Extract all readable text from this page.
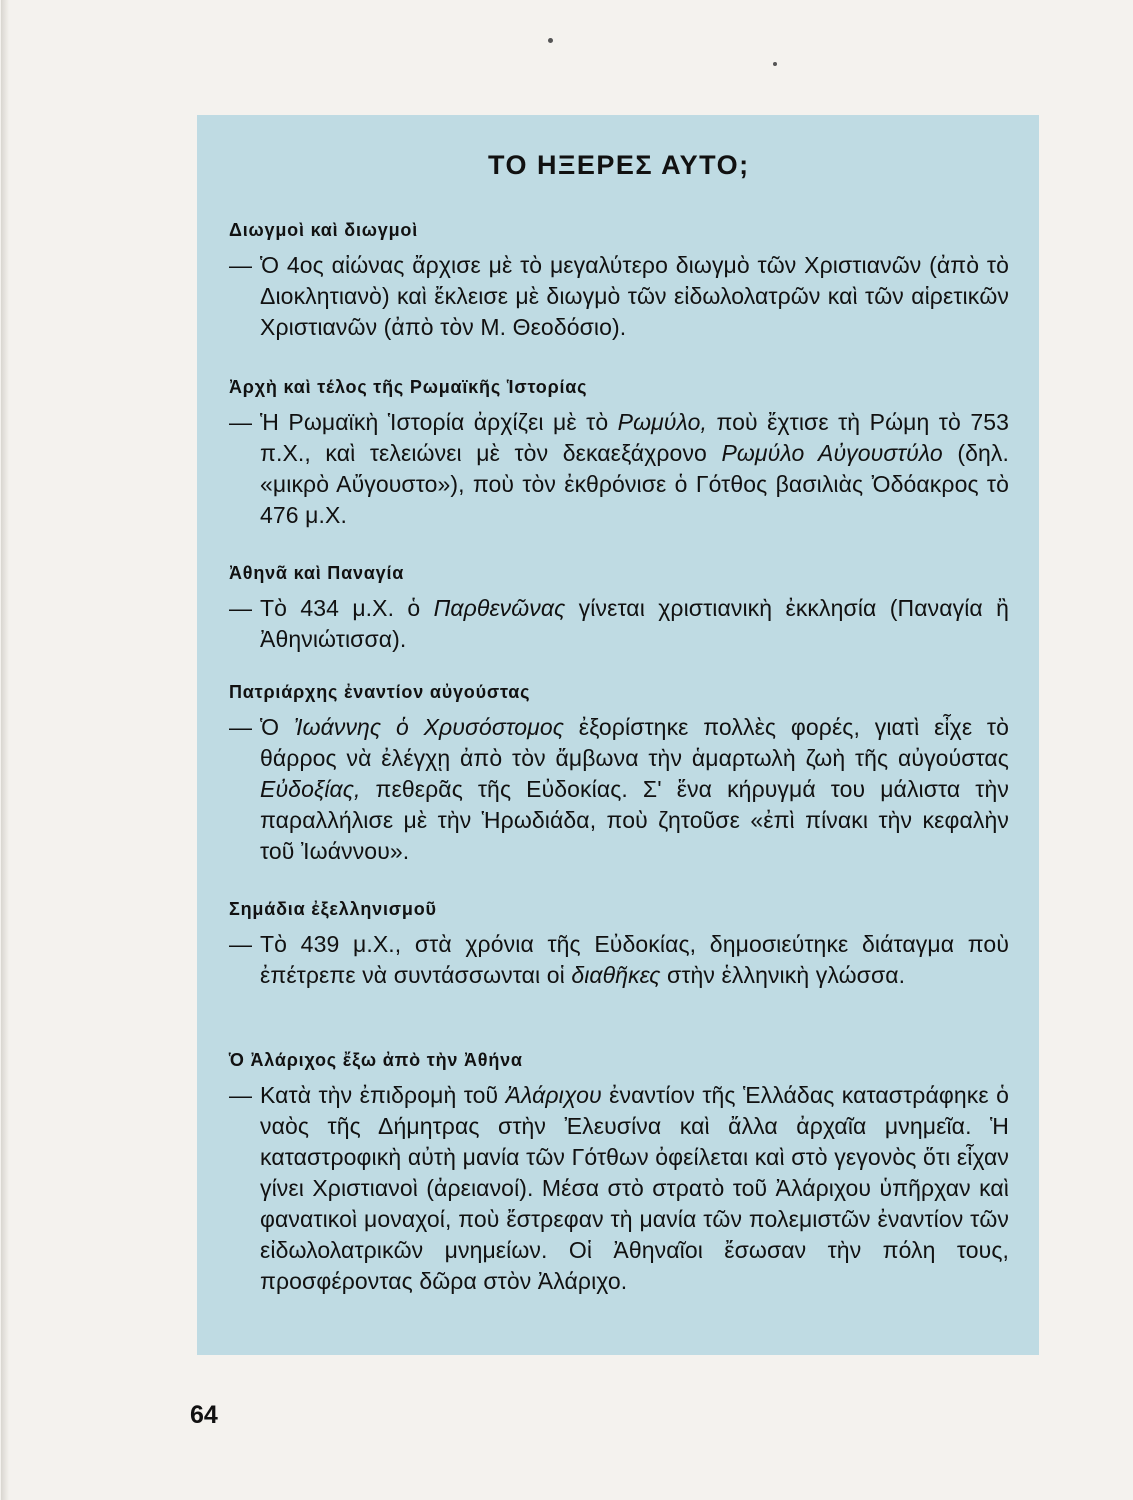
ΤΟ ΗΞΕΡΕΣ ΑΥΤΟ;
Διωγμοὶ καὶ διωγμοὶ
— Ὁ 4ος αἰώνας ἄρχισε μὲ τὸ μεγαλύτερο διωγμὸ τῶν Χριστιανῶν (ἀπὸ τὸ Διοκλητιανὸ) καὶ ἔκλεισε μὲ διωγμὸ τῶν εἰδωλολατρῶν καὶ τῶν αἱρετικῶν Χριστιανῶν (ἀπὸ τὸν Μ. Θεοδόσιο).

Ἀρχὴ καὶ τέλος τῆς Ρωμαϊκῆς Ἱστορίας
— Ἡ Ρωμαϊκὴ Ἱστορία ἀρχίζει μὲ τὸ Ρωμύλο, ποὺ ἔχτισε τὴ Ρώμη τὸ 753 π.Χ., καὶ τελειώνει μὲ τὸν δεκαεξάχρονο Ρωμύλο Αὐγουστύλο (δηλ. «μικρὸ Αὔγουστο»), ποὺ τὸν ἐκθρόνισε ὁ Γότθος βασιλιὰς Ὀδόακρος τὸ 476 μ.Χ.

Ἀθηνᾶ καὶ Παναγία
— Τὸ 434 μ.Χ. ὁ Παρθενῶνας γίνεται χριστιανικὴ ἐκκλησία (Παναγία ἢ Ἀθηνιώτισσα).

Πατριάρχης ἐναντίον αὐγούστας
— Ὁ Ἰωάννης ὁ Χρυσόστομος ἐξορίστηκε πολλὲς φορές, γιατὶ εἶχε τὸ θάρρος νὰ ἐλέγχῃ ἀπὸ τὸν ἄμβωνα τὴν ἁμαρτωλὴ ζωὴ τῆς αὐγούστας Εὐδοξίας, πεθερᾶς τῆς Εὐδοκίας. Σ' ἕνα κήρυγμά του μάλιστα τὴν παραλλήλισε μὲ τὴν Ἡρωδιάδα, ποὺ ζητοῦσε «ἐπὶ πίνακι τὴν κεφαλὴν τοῦ Ἰωάννου».

Σημάδια ἐξελληνισμοῦ
— Τὸ 439 μ.Χ., στὰ χρόνια τῆς Εὐδοκίας, δημοσιεύτηκε διάταγμα ποὺ ἐπέτρεπε νὰ συντάσσωνται οἱ διαθῆκες στὴν ἑλληνικὴ γλώσσα.

Ὁ Ἀλάριχος ἔξω ἀπὸ τὴν Ἀθήνα
— Κατὰ τὴν ἐπιδρομὴ τοῦ Ἀλάριχου ἐναντίον τῆς Ἑλλάδας καταστράφηκε ὁ ναὸς τῆς Δήμητρας στὴν Ἐλευσίνα καὶ ἄλλα ἀρχαῖα μνημεῖα. Ἡ καταστροφικὴ αὐτὴ μανία τῶν Γότθων ὀφείλεται καὶ στὸ γεγονὸς ὅτι εἶχαν γίνει Χριστιανοὶ (ἀρειανοί). Μέσα στὸ στρατὸ τοῦ Ἀλάριχου ὑπῆρχαν καὶ φανατικοὶ μοναχοί, ποὺ ἔστρεφαν τὴ μανία τῶν πολεμιστῶν ἐναντίον τῶν εἰδωλολατρικῶν μνημείων. Οἱ Ἀθηναῖοι ἔσωσαν τὴν πόλη τους, προσφέροντας δῶρα στὸν Ἀλάριχο.

64
